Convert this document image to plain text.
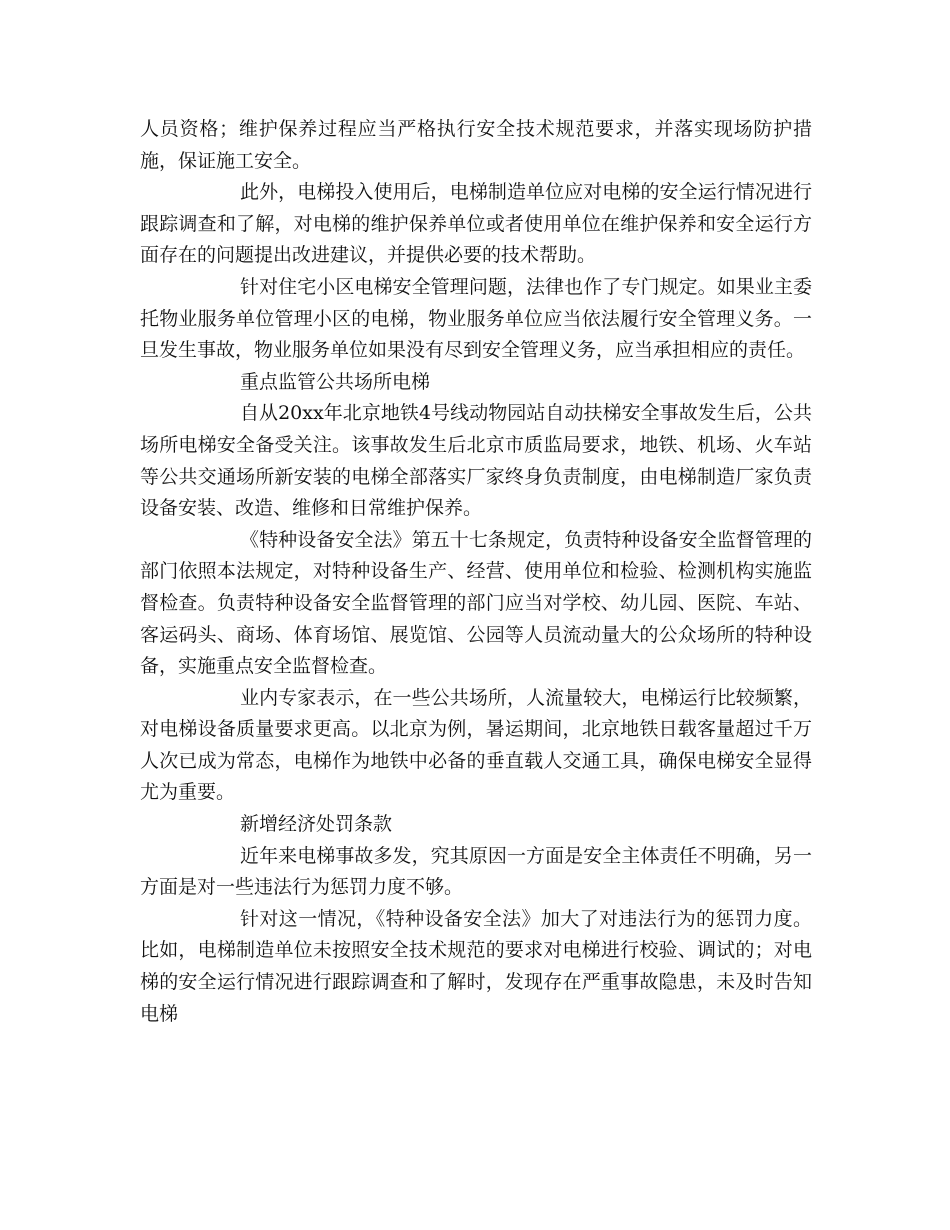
人员资格；维护保养过程应当严格执行安全技术规范要求，并落实现场防护措施，保证施工安全。

此外，电梯投入使用后，电梯制造单位应对电梯的安全运行情况进行跟踪调查和了解，对电梯的维护保养单位或者使用单位在维护保养和安全运行方面存在的问题提出改进建议，并提供必要的技术帮助。

针对住宅小区电梯安全管理问题，法律也作了专门规定。如果业主委托物业服务单位管理小区的电梯，物业服务单位应当依法履行安全管理义务。一旦发生事故，物业服务单位如果没有尽到安全管理义务，应当承担相应的责任。

重点监管公共场所电梯

自从20xx年北京地铁4号线动物园站自动扶梯安全事故发生后，公共场所电梯安全备受关注。该事故发生后北京市质监局要求，地铁、机场、火车站等公共交通场所新安装的电梯全部落实厂家终身负责制度，由电梯制造厂家负责设备安装、改造、维修和日常维护保养。

《特种设备安全法》第五十七条规定，负责特种设备安全监督管理的部门依照本法规定，对特种设备生产、经营、使用单位和检验、检测机构实施监督检查。负责特种设备安全监督管理的部门应当对学校、幼儿园、医院、车站、客运码头、商场、体育场馆、展览馆、公园等人员流动量大的公众场所的特种设备，实施重点安全监督检查。

业内专家表示，在一些公共场所，人流量较大，电梯运行比较频繁，对电梯设备质量要求更高。以北京为例，暑运期间，北京地铁日载客量超过千万人次已成为常态，电梯作为地铁中必备的垂直载人交通工具，确保电梯安全显得尤为重要。

新增经济处罚条款

近年来电梯事故多发，究其原因一方面是安全主体责任不明确，另一方面是对一些违法行为惩罚力度不够。

针对这一情况，《特种设备安全法》加大了对违法行为的惩罚力度。比如，电梯制造单位未按照安全技术规范的要求对电梯进行校验、调试的；对电梯的安全运行情况进行跟踪调查和了解时，发现存在严重事故隐患，未及时告知电梯
